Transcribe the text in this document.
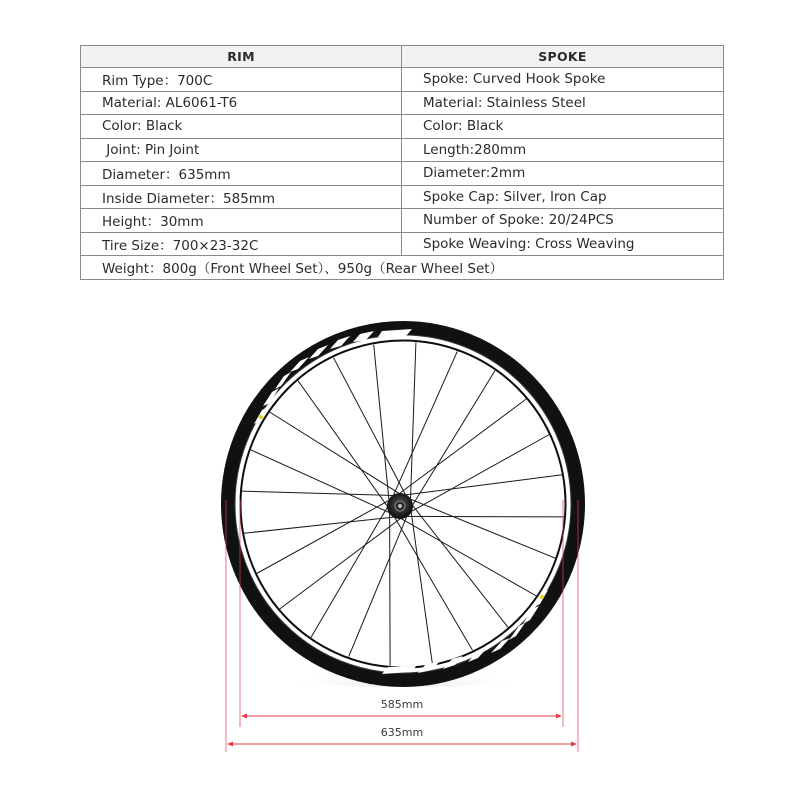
RIM	SPOKE
Rim Type：700C	Spoke: Curved Hook Spoke
Material: AL6061-T6	Material: Stainless Steel
Color: Black	Color: Black
Joint: Pin Joint	Length:280mm
Diameter：635mm	Diameter:2mm
Inside Diameter：585mm	Spoke Cap: Silver, Iron Cap
Height：30mm	Number of Spoke: 20/24PCS
Tire Size：700×23-32C	Spoke Weaving: Cross Weaving
Weight：800g（Front Wheel Set）、950g（Rear Wheel Set）	
585mm
635mm
